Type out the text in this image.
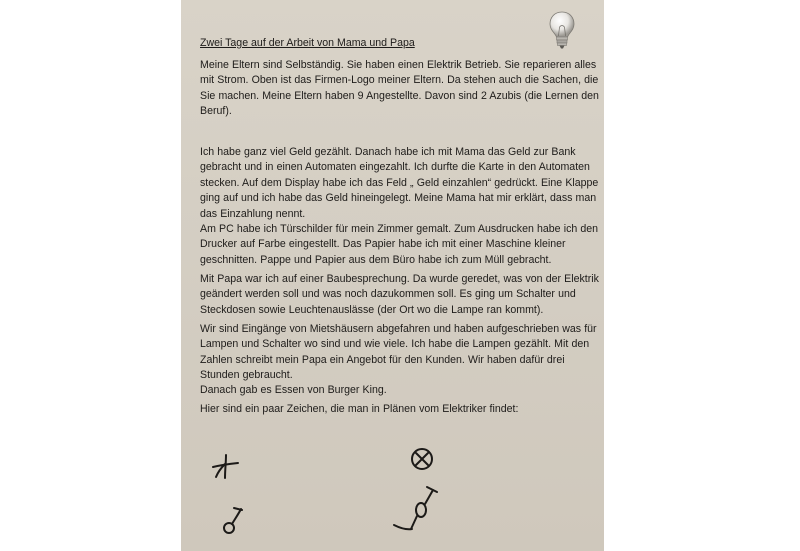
Zwei Tage auf der Arbeit von Mama und Papa

Meine Eltern sind Selbständig. Sie haben einen Elektrik Betrieb. Sie reparieren alles
mit Strom. Oben ist das Firmen-Logo meiner Eltern. Da stehen auch die Sachen, die
Sie machen. Meine Eltern haben 9 Angestellte. Davon sind 2 Azubis (die Lernen den
Beruf).

Ich habe ganz viel Geld gezählt. Danach habe ich mit Mama das Geld zur Bank
gebracht und in einen Automaten eingezahlt. Ich durfte die Karte in den Automaten
stecken. Auf dem Display habe ich das Feld „ Geld einzahlen“ gedrückt. Eine Klappe
ging auf und ich habe das Geld hineingelegt. Meine Mama hat mir erklärt, dass man
das Einzahlung nennt.

Am PC habe ich Türschilder für mein Zimmer gemalt. Zum Ausdrucken habe ich den
Drucker auf Farbe eingestellt. Das Papier habe ich mit einer Maschine kleiner
geschnitten. Pappe und Papier aus dem Büro habe ich zum Müll gebracht.

Mit Papa war ich auf einer Baubesprechung. Da wurde geredet, was von der Elektrik
geändert werden soll und was noch dazukommen soll. Es ging um Schalter und
Steckdosen sowie Leuchtenauslässe (der Ort wo die Lampe ran kommt).

Wir sind Eingänge von Mietshäusern abgefahren und haben aufgeschrieben was für
Lampen und Schalter wo sind und wie viele. Ich habe die Lampen gezählt. Mit den
Zahlen schreibt mein Papa ein Angebot für den Kunden. Wir haben dafür drei
Stunden gebraucht.

Danach gab es Essen von Burger King.

Hier sind ein paar Zeichen, die man in Plänen vom Elektriker findet:
